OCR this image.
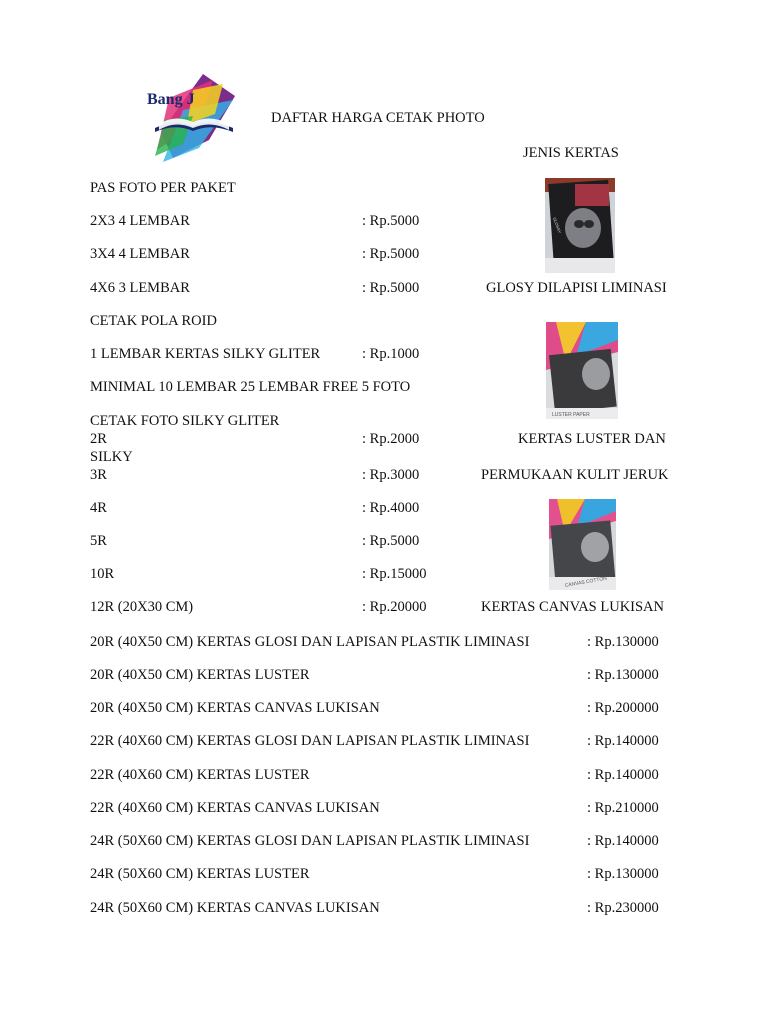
Bang J
DAFTAR HARGA CETAK PHOTO
JENIS KERTAS
PAS FOTO PER PAKET
2X3 4 LEMBAR	: Rp.5000
3X4 4 LEMBAR	: Rp.5000
4X6 3 LEMBAR	: Rp.5000	GLOSY DILAPISI LIMINASI
GLOSSY
CETAK POLA ROID
1 LEMBAR KERTAS SILKY GLITER	: Rp.1000
MINIMAL 10 LEMBAR 25 LEMBAR FREE 5 FOTO
LUSTER PAPER
CETAK FOTO SILKY GLITER
2R	: Rp.2000	KERTAS LUSTER DAN
SILKY
3R	: Rp.3000	PERMUKAAN KULIT JERUK
4R	: Rp.4000
5R	: Rp.5000
10R	: Rp.15000
12R (20X30 CM)	: Rp.20000	KERTAS CANVAS LUKISAN
CANVAS COTTON
20R (40X50 CM) KERTAS GLOSI DAN LAPISAN PLASTIK LIMINASI	: Rp.130000
20R (40X50 CM) KERTAS LUSTER	: Rp.130000
20R (40X50 CM) KERTAS CANVAS LUKISAN	: Rp.200000
22R (40X60 CM) KERTAS GLOSI DAN LAPISAN PLASTIK LIMINASI	: Rp.140000
22R (40X60 CM) KERTAS LUSTER	: Rp.140000
22R (40X60 CM) KERTAS CANVAS LUKISAN	: Rp.210000
24R (50X60 CM) KERTAS GLOSI DAN LAPISAN PLASTIK LIMINASI	: Rp.140000
24R (50X60 CM) KERTAS LUSTER	: Rp.130000
24R (50X60 CM) KERTAS CANVAS LUKISAN	: Rp.230000
